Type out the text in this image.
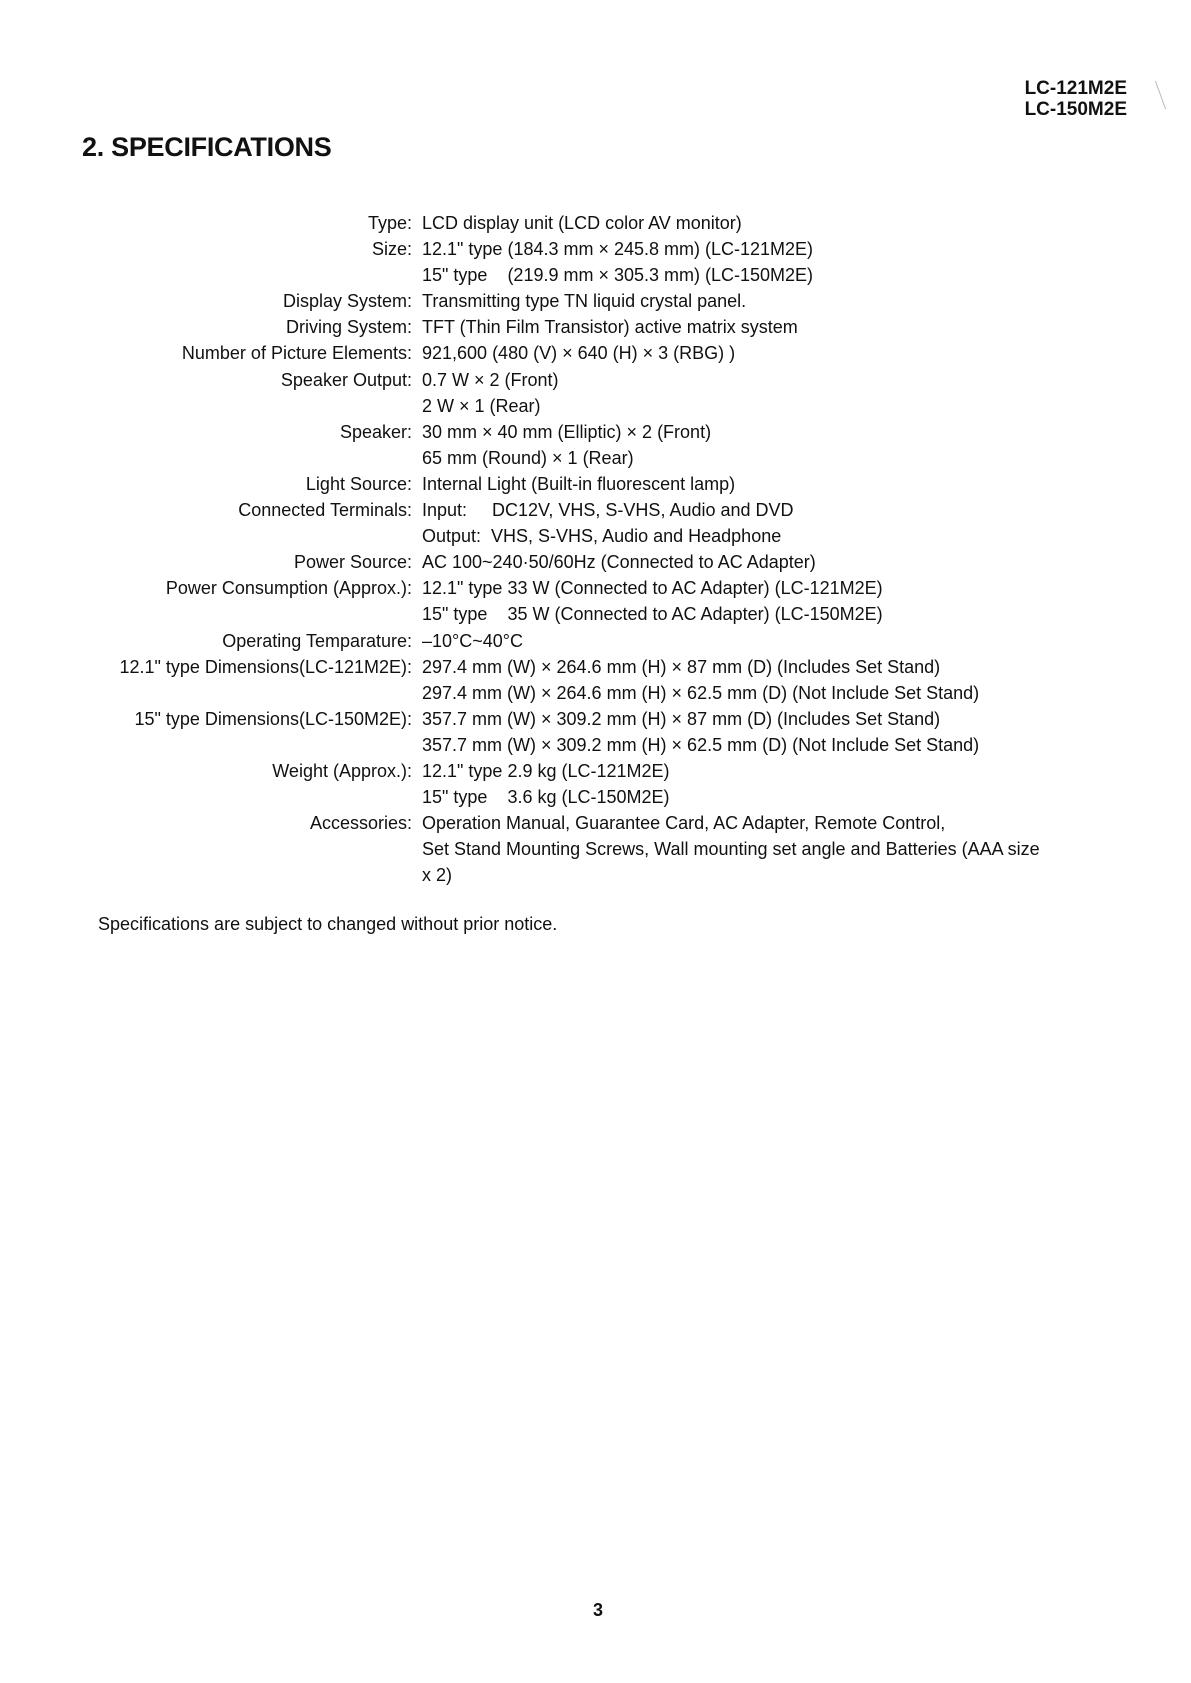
LC-121M2E
LC-150M2E
2. SPECIFICATIONS
Type: LCD display unit (LCD color AV monitor)
Size: 12.1" type (184.3 mm × 245.8 mm) (LC-121M2E)
15" type    (219.9 mm × 305.3 mm) (LC-150M2E)
Display System: Transmitting type TN liquid crystal panel.
Driving System: TFT (Thin Film Transistor) active matrix system
Number of Picture Elements: 921,600 (480 (V) × 640 (H) × 3 (RBG) )
Speaker Output: 0.7 W × 2 (Front)
2 W × 1 (Rear)
Speaker: 30 mm × 40 mm (Elliptic) × 2 (Front)
65 mm (Round) × 1 (Rear)
Light Source: Internal Light (Built-in fluorescent lamp)
Connected Terminals: Input:     DC12V, VHS, S-VHS, Audio and DVD
Output:  VHS, S-VHS, Audio and Headphone
Power Source: AC 100~240·50/60Hz (Connected to AC Adapter)
Power Consumption (Approx.): 12.1" type 33 W (Connected to AC Adapter) (LC-121M2E)
15" type    35 W (Connected to AC Adapter) (LC-150M2E)
Operating Temparature: –10°C~40°C
12.1" type Dimensions(LC-121M2E): 297.4 mm (W) × 264.6 mm (H) × 87 mm (D) (Includes Set Stand)
297.4 mm (W) × 264.6 mm (H) × 62.5 mm (D) (Not Include Set Stand)
15" type Dimensions(LC-150M2E): 357.7 mm (W) × 309.2 mm (H) × 87 mm (D) (Includes Set Stand)
357.7 mm (W) × 309.2 mm (H) × 62.5 mm (D) (Not Include Set Stand)
Weight (Approx.): 12.1" type 2.9 kg (LC-121M2E)
15" type    3.6 kg (LC-150M2E)
Accessories: Operation Manual, Guarantee Card, AC Adapter, Remote Control,
Set Stand Mounting Screws, Wall mounting set angle and Batteries (AAA size
x 2)
Specifications are subject to changed without prior notice.
3
